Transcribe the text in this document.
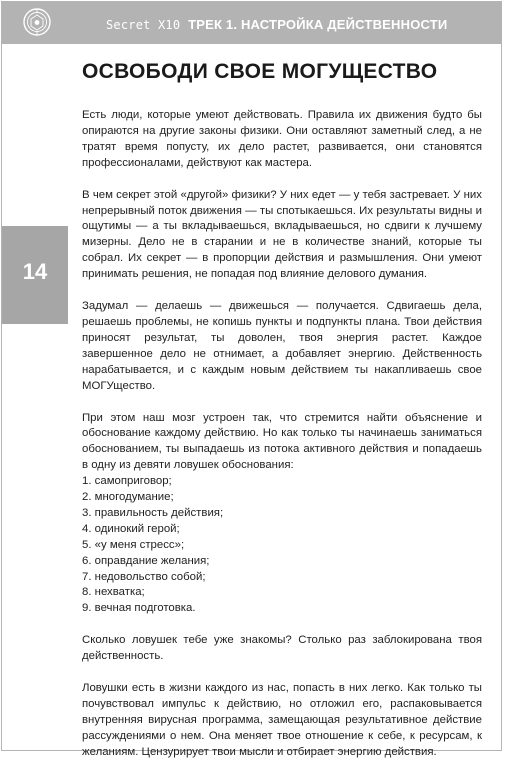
Secret X10 ТРЕК 1. НАСТРОЙКА ДЕЙСТВЕННОСТИ
14
ОСВОБОДИ СВОЕ МОГУЩЕСТВО

Есть люди, которые умеют действовать. Правила их движения будто бы опираются на другие законы физики. Они оставляют заметный след, а не тратят время попусту, их дело растет, развивается, они становятся профессионалами, действуют как мастера.

В чем секрет этой «другой» физики? У них едет — у тебя застревает. У них непрерывный поток движения — ты спотыкаешься. Их результаты видны и ощутимы — а ты вкладываешься, вкладываешься, но сдвиги к лучшему мизерны. Дело не в старании и не в количестве знаний, которые ты собрал. Их секрет — в пропорции действия и размышления. Они умеют принимать решения, не попадая под влияние делового думания.

Задумал — делаешь — движешься — получается. Сдвигаешь дела, решаешь проблемы, не копишь пункты и подпункты плана. Твои действия приносят результат, ты доволен, твоя энергия растет. Каждое завершенное дело не отнимает, а добавляет энергию. Действенность нарабатывается, и с каждым новым действием ты накапливаешь свое МОГУщество.

При этом наш мозг устроен так, что стремится найти объяснение и обоснование каждому действию. Но как только ты начинаешь заниматься обоснованием, ты выпадаешь из потока активного действия и попадаешь в одну из девяти ловушек обоснования:

1. самоприговор;
2. многодумание;
3. правильность действия;
4. одинокий герой;
5. «у меня стресс»;
6. оправдание желания;
7. недовольство собой;
8. нехватка;
9. вечная подготовка.

Сколько ловушек тебе уже знакомы? Столько раз заблокирована твоя действенность.

Ловушки есть в жизни каждого из нас, попасть в них легко. Как только ты почувствовал импульс к действию, но отложил его, распаковывается внутренняя вирусная программа, замещающая результативное действие рассуждениями о нем. Она меняет твое отношение к себе, к ресурсам, к желаниям. Цензурирует твои мысли и отбирает энергию действия.
